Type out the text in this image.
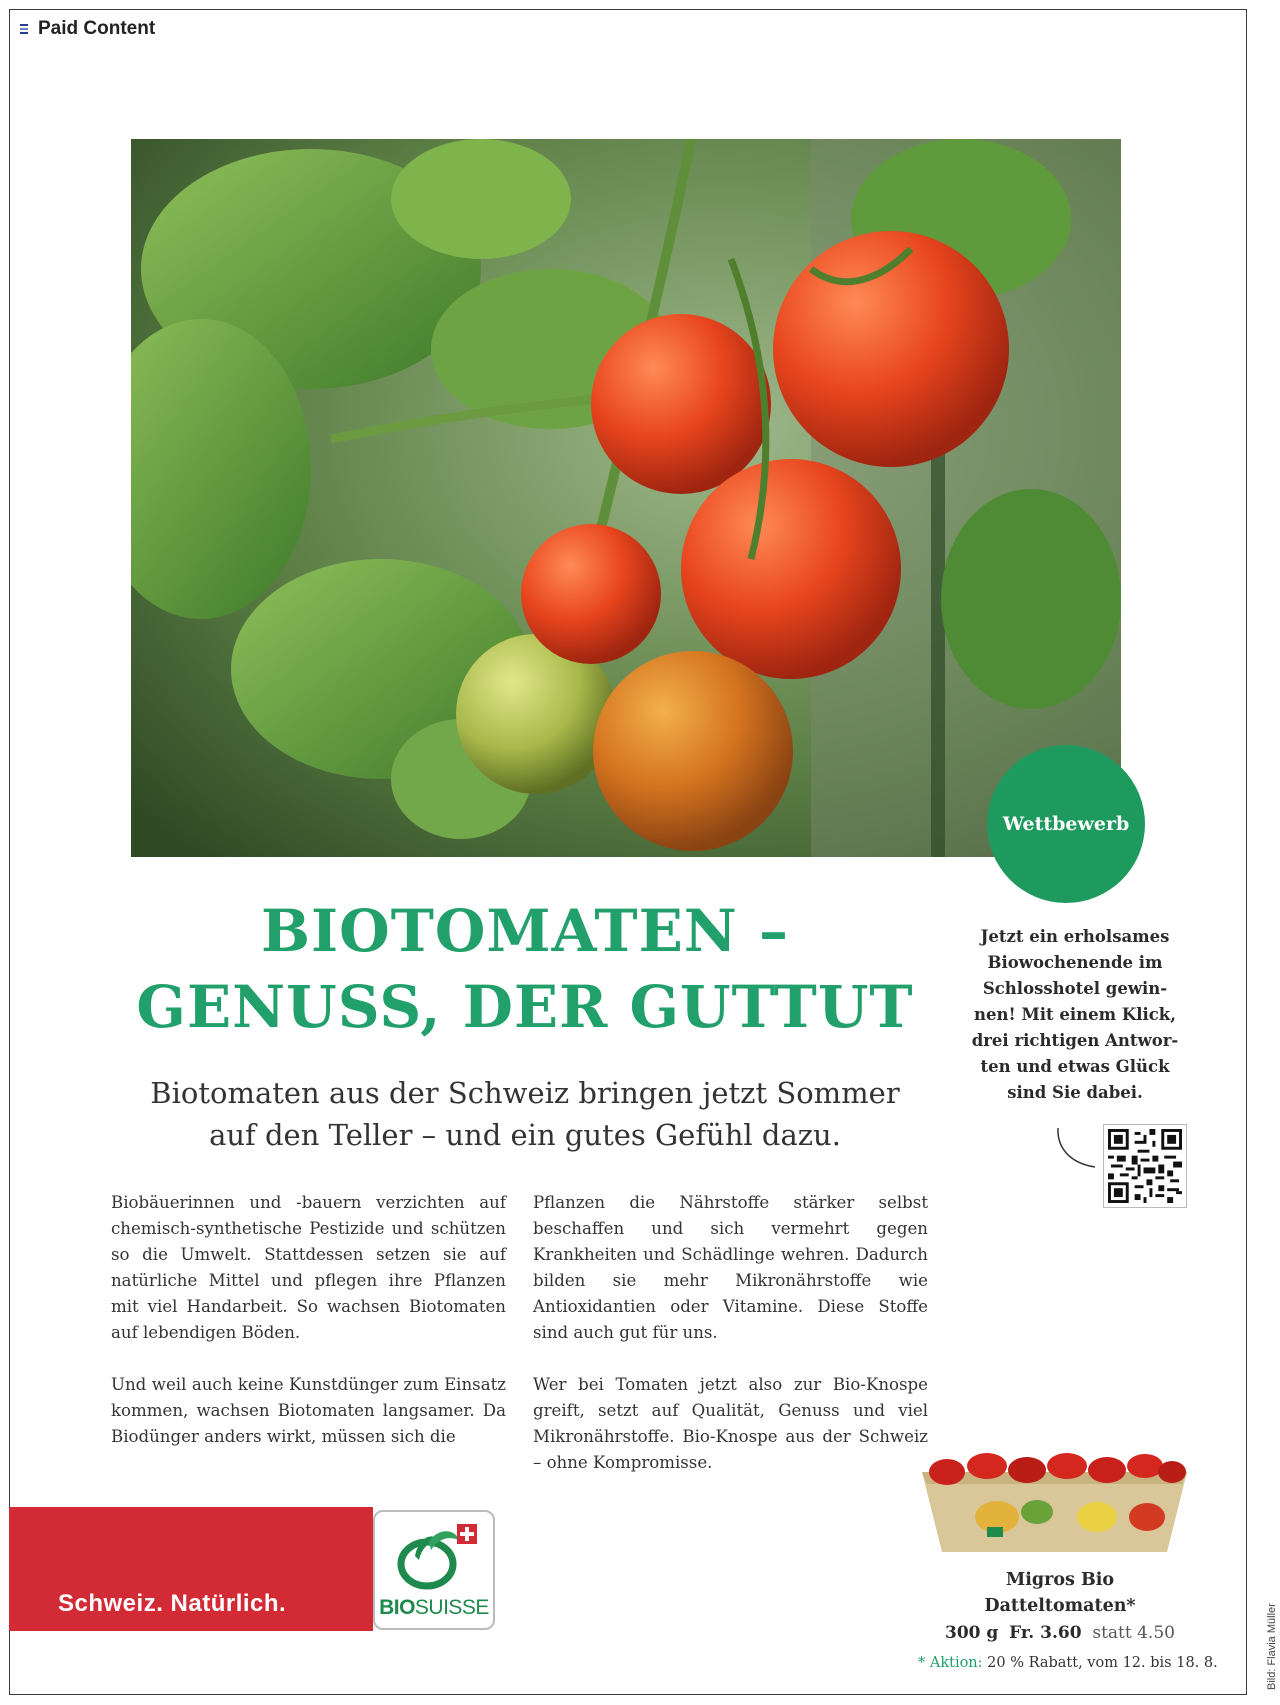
Paid Content
Wettbewerb
BIOTOMATEN –
GENUSS, DER GUTTUT
Biotomaten aus der Schweiz bringen jetzt Sommer
auf den Teller – und ein gutes Gefühl dazu.

Biobäuerinnen und -bauern verzichten auf chemisch-synthetische Pestizide und schützen so die Umwelt. Stattdessen setzen sie auf natürliche Mittel und pflegen ihre Pflanzen mit viel Handarbeit. So wachsen Biotomaten auf lebendigen Böden.

Und weil auch keine Kunstdünger zum Einsatz kommen, wachsen Biotomaten langsamer. Da Biodünger anders wirkt, müssen sich die

Pflanzen die Nährstoffe stärker selbst beschaffen und sich vermehrt gegen Krankheiten und Schädlinge wehren. Dadurch bilden sie mehr Mikronährstoffe wie Antioxidantien oder Vitamine. Diese Stoffe sind auch gut für uns.

Wer bei Tomaten jetzt also zur Bio-Knospe greift, setzt auf Qualität, Genuss und viel Mikronährstoffe. Bio-Knospe aus der Schweiz – ohne Kompromisse.

Jetzt ein erholsames
Biowochenende im
Schlosshotel gewin-
nen! Mit einem Klick,
drei richtigen Antwor-
ten und etwas Glück
sind Sie dabei.
Schweiz. Natürlich.	BIOSUISSE
Migros Bio
Datteltomaten*
300 g Fr. 3.60 statt 4.50
* Aktion: 20 % Rabatt, vom 12. bis 18. 8.	Bild: Flavia Müller
